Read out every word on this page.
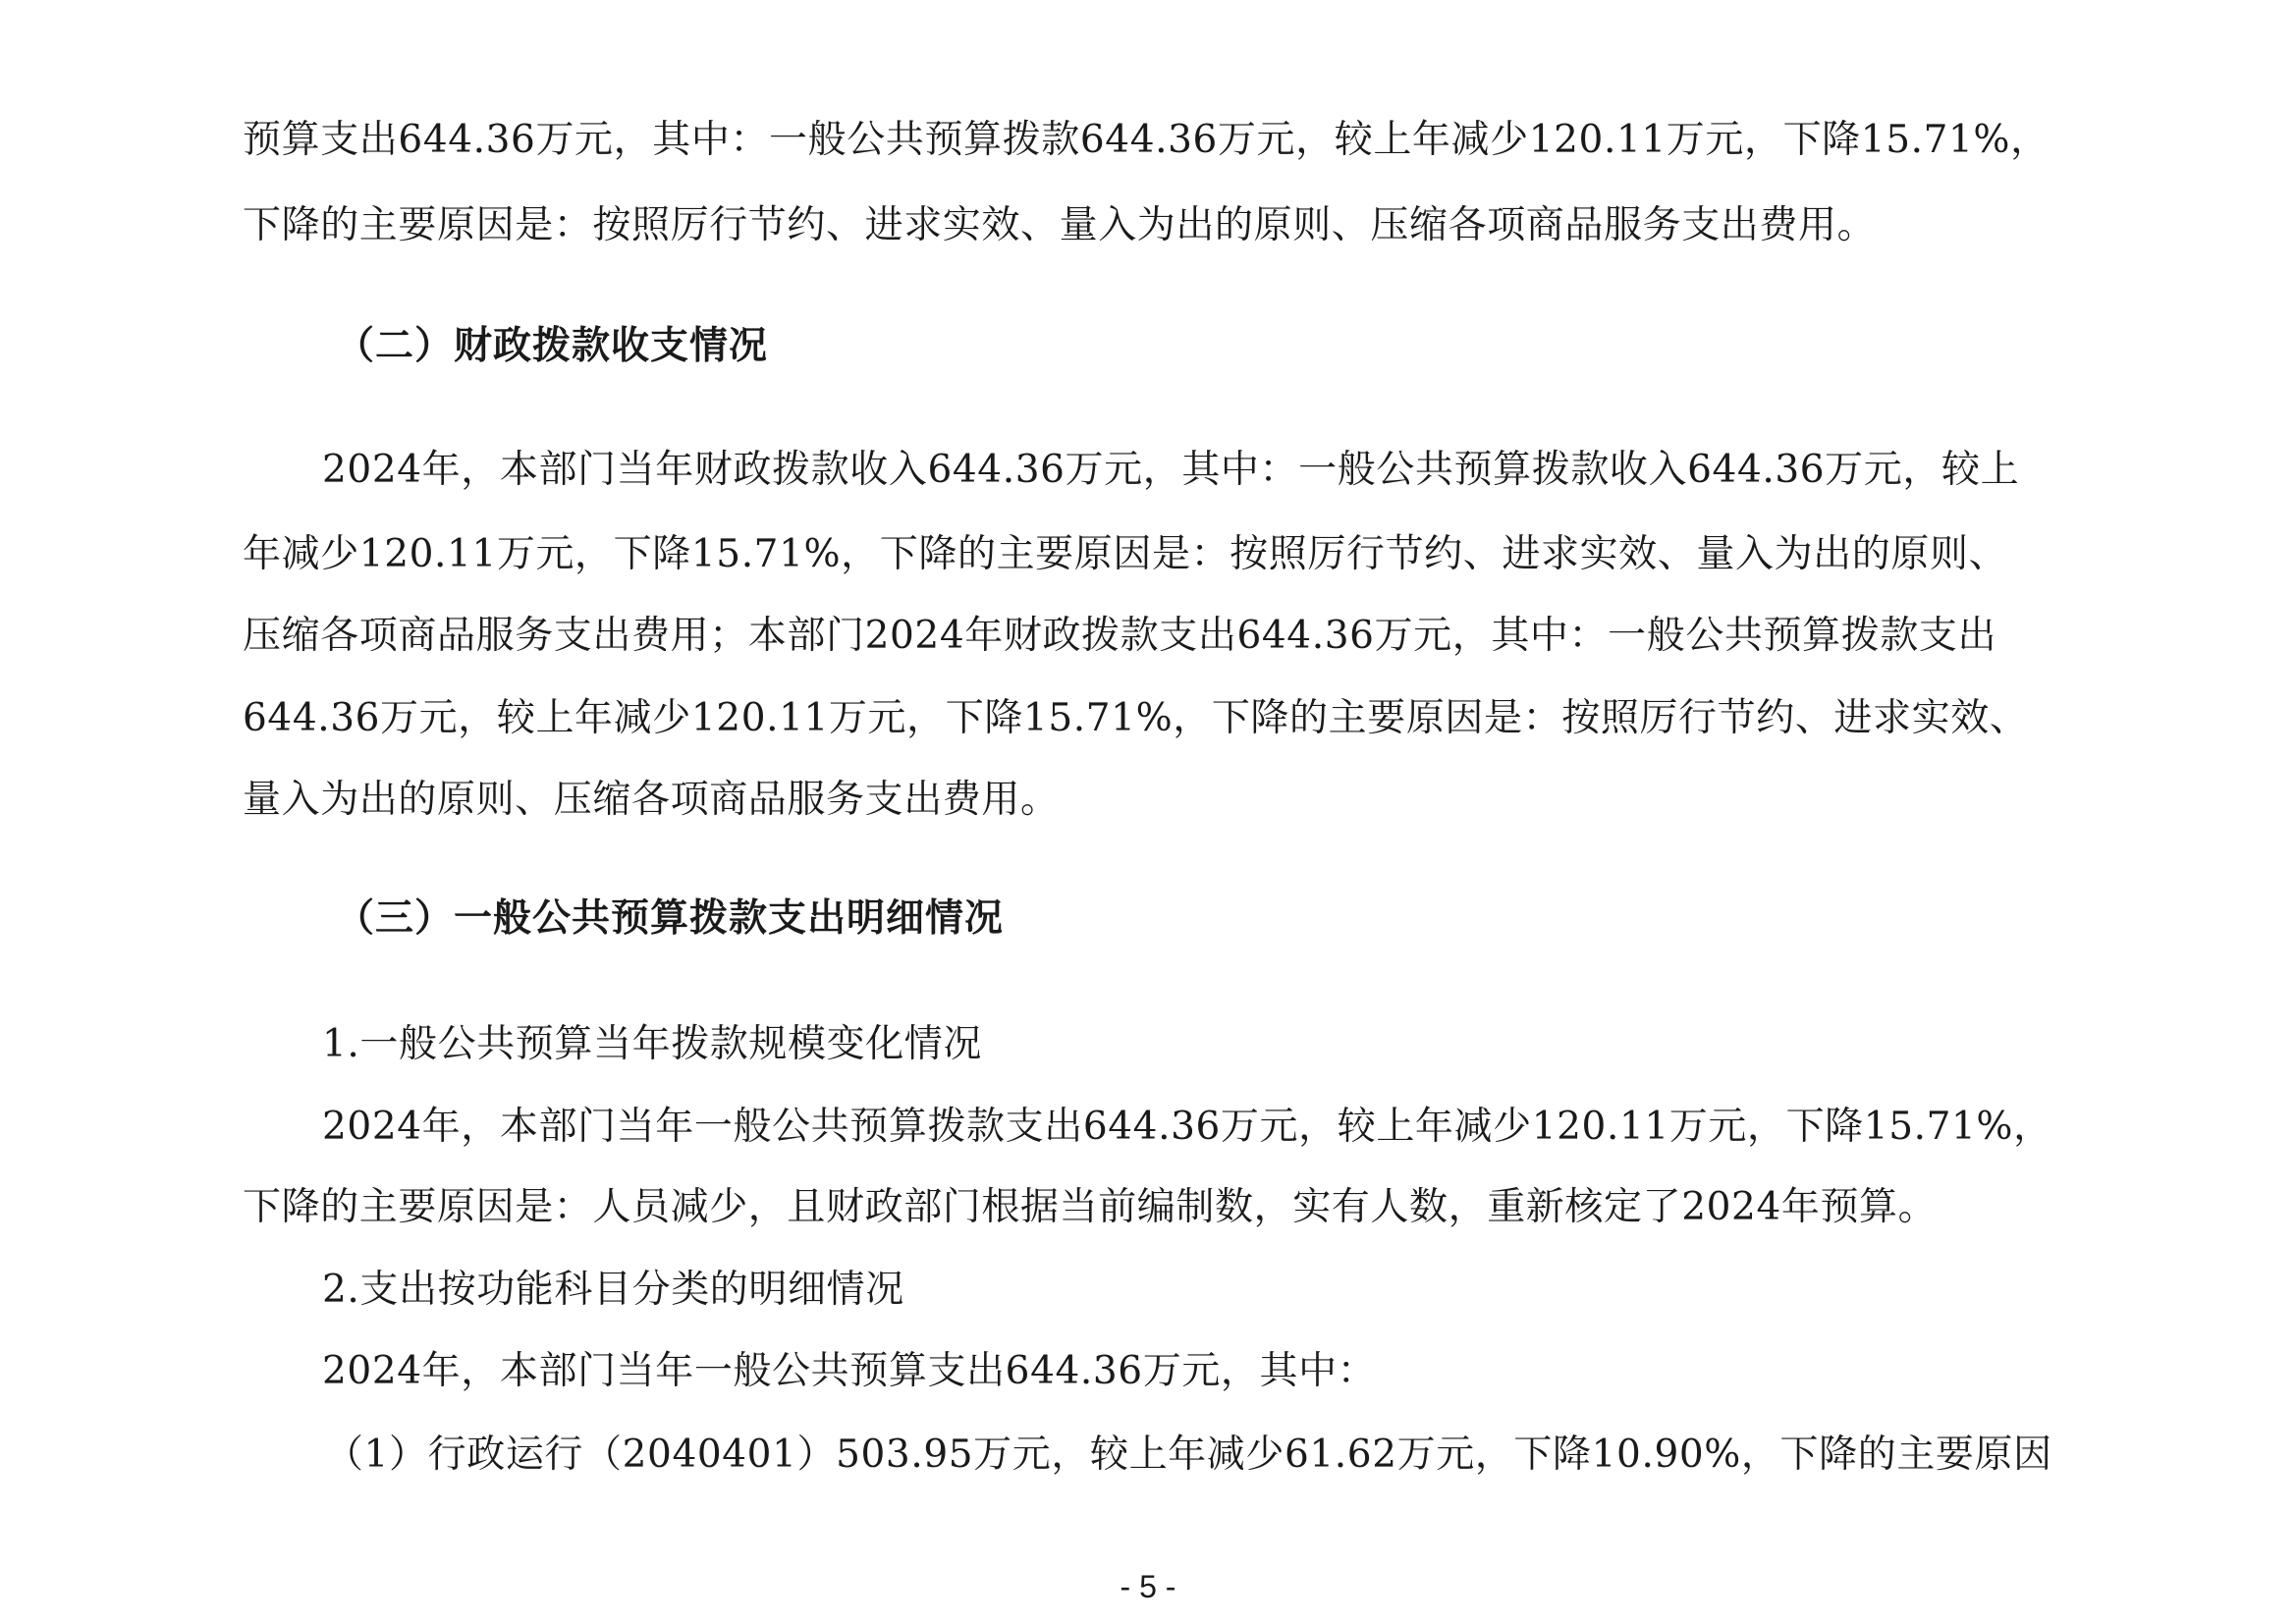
预算支出644.36万元，其中：一般公共预算拨款644.36万元，较上年减少120.11万元，下降15.71%，
下降的主要原因是：按照厉行节约、进求实效、量入为出的原则、压缩各项商品服务支出费用。
（二）财政拨款收支情况
2024年，本部门当年财政拨款收入644.36万元，其中：一般公共预算拨款收入644.36万元，较上
年减少120.11万元，下降15.71%，下降的主要原因是：按照厉行节约、进求实效、量入为出的原则、
压缩各项商品服务支出费用；本部门2024年财政拨款支出644.36万元，其中：一般公共预算拨款支出
644.36万元，较上年减少120.11万元，下降15.71%，下降的主要原因是：按照厉行节约、进求实效、
量入为出的原则、压缩各项商品服务支出费用。
（三）一般公共预算拨款支出明细情况
1.一般公共预算当年拨款规模变化情况
2024年，本部门当年一般公共预算拨款支出644.36万元，较上年减少120.11万元，下降15.71%，
下降的主要原因是：人员减少，且财政部门根据当前编制数，实有人数，重新核定了2024年预算。
2.支出按功能科目分类的明细情况
2024年，本部门当年一般公共预算支出644.36万元，其中：
（1）行政运行（2040401）503.95万元，较上年减少61.62万元，下降10.90%，下降的主要原因
- 5 -
